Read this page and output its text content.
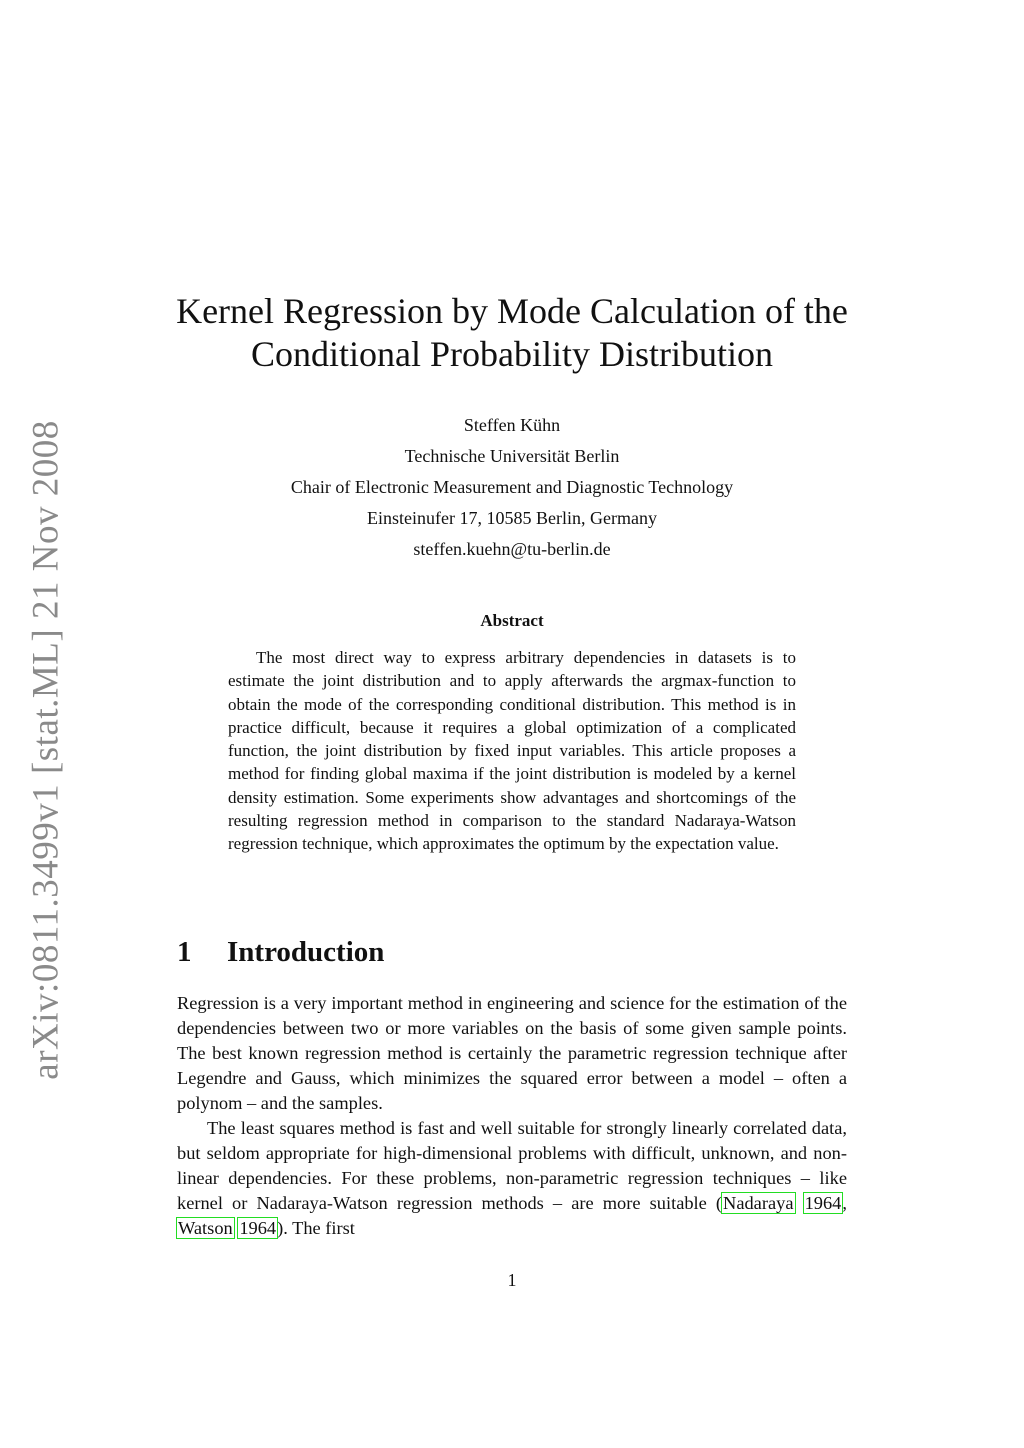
arXiv:0811.3499v1 [stat.ML] 21 Nov 2008
Kernel Regression by Mode Calculation of the Conditional Probability Distribution
Steffen Kühn
Technische Universität Berlin
Chair of Electronic Measurement and Diagnostic Technology
Einsteinufer 17, 10585 Berlin, Germany
steffen.kuehn@tu-berlin.de
Abstract

The most direct way to express arbitrary dependencies in datasets is to estimate the joint distribution and to apply afterwards the argmax-function to obtain the mode of the corresponding conditional distribution. This method is in practice difficult, because it requires a global optimization of a complicated function, the joint distribution by fixed input variables. This article proposes a method for finding global maxima if the joint distribution is modeled by a kernel density estimation. Some experiments show advantages and shortcomings of the resulting regression method in comparison to the standard Nadaraya-Watson regression technique, which approximates the optimum by the expectation value.

1 Introduction

Regression is a very important method in engineering and science for the estimation of the dependencies between two or more variables on the basis of some given sample points. The best known regression method is certainly the parametric regression technique after Legendre and Gauss, which minimizes the squared error between a model – often a polynom – and the samples.

The least squares method is fast and well suitable for strongly linearly correlated data, but seldom appropriate for high-dimensional problems with difficult, unknown, and non-linear dependencies. For these problems, non-parametric regression techniques – like kernel or Nadaraya-Watson regression methods – are more suitable (Nadaraya 1964, Watson 1964). The first

1
